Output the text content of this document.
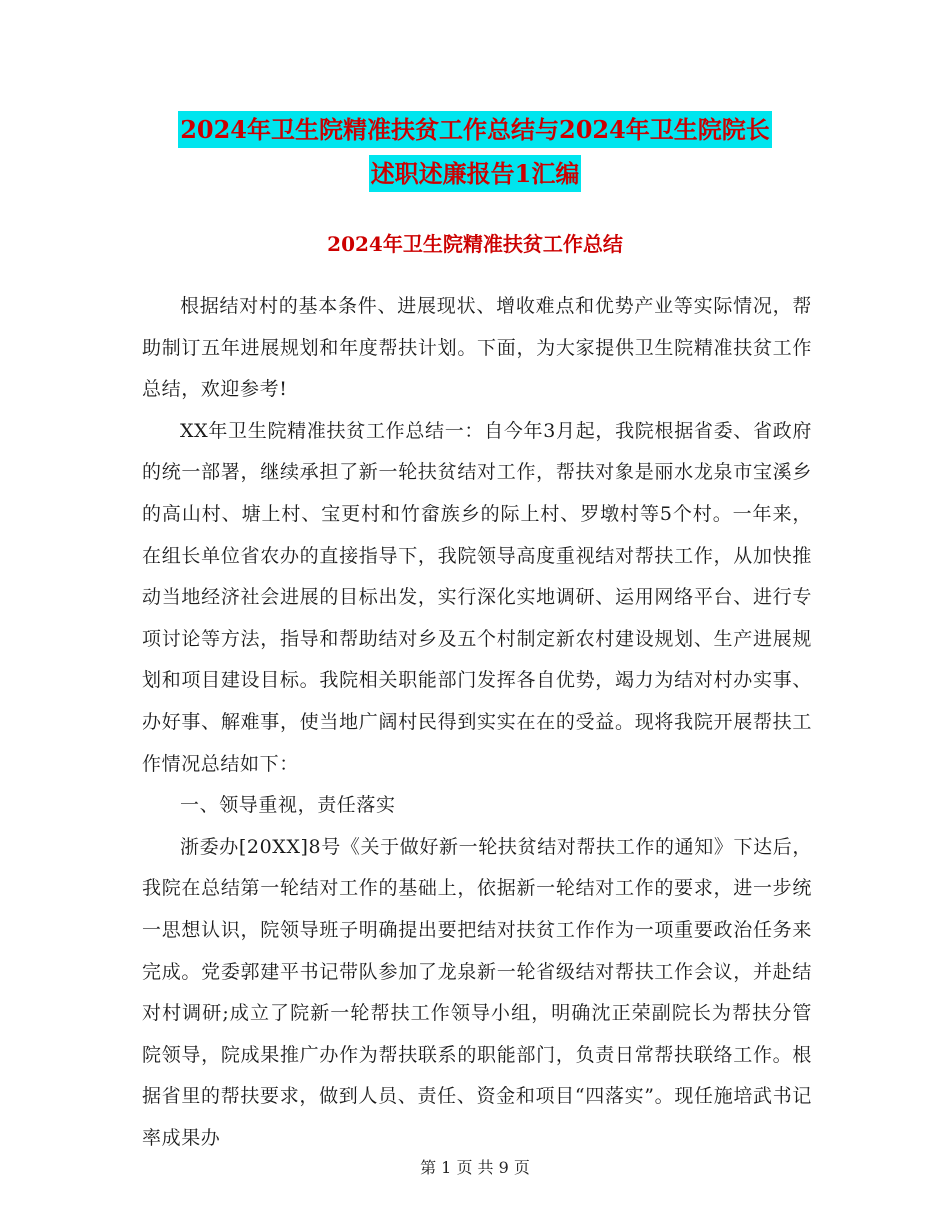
2024年卫生院精准扶贫工作总结与2024年卫生院院长
述职述廉报告1汇编
2024年卫生院精准扶贫工作总结

根据结对村的基本条件、进展现状、增收难点和优势产业等实际情况，帮助制订五年进展规划和年度帮扶计划。下面，为大家提供卫生院精准扶贫工作总结，欢迎参考!

XX年卫生院精准扶贫工作总结一：自今年3月起，我院根据省委、省政府的统一部署，继续承担了新一轮扶贫结对工作，帮扶对象是丽水龙泉市宝溪乡的高山村、塘上村、宝更村和竹畲族乡的际上村、罗墩村等5个村。一年来，在组长单位省农办的直接指导下，我院领导高度重视结对帮扶工作，从加快推动当地经济社会进展的目标出发，实行深化实地调研、运用网络平台、进行专项讨论等方法，指导和帮助结对乡及五个村制定新农村建设规划、生产进展规划和项目建设目标。我院相关职能部门发挥各自优势，竭力为结对村办实事、办好事、解难事，使当地广阔村民得到实实在在的受益。现将我院开展帮扶工作情况总结如下：

一、领导重视，责任落实

浙委办[20XX]8号《关于做好新一轮扶贫结对帮扶工作的通知》下达后，我院在总结第一轮结对工作的基础上，依据新一轮结对工作的要求，进一步统一思想认识，院领导班子明确提出要把结对扶贫工作作为一项重要政治任务来完成。党委郭建平书记带队参加了龙泉新一轮省级结对帮扶工作会议，并赴结对村调研;成立了院新一轮帮扶工作领导小组，明确沈正荣副院长为帮扶分管院领导，院成果推广办作为帮扶联系的职能部门，负责日常帮扶联络工作。根据省里的帮扶要求，做到人员、责任、资金和项目“四落实”。现任施培武书记率成果办

第 1 页 共 9 页
